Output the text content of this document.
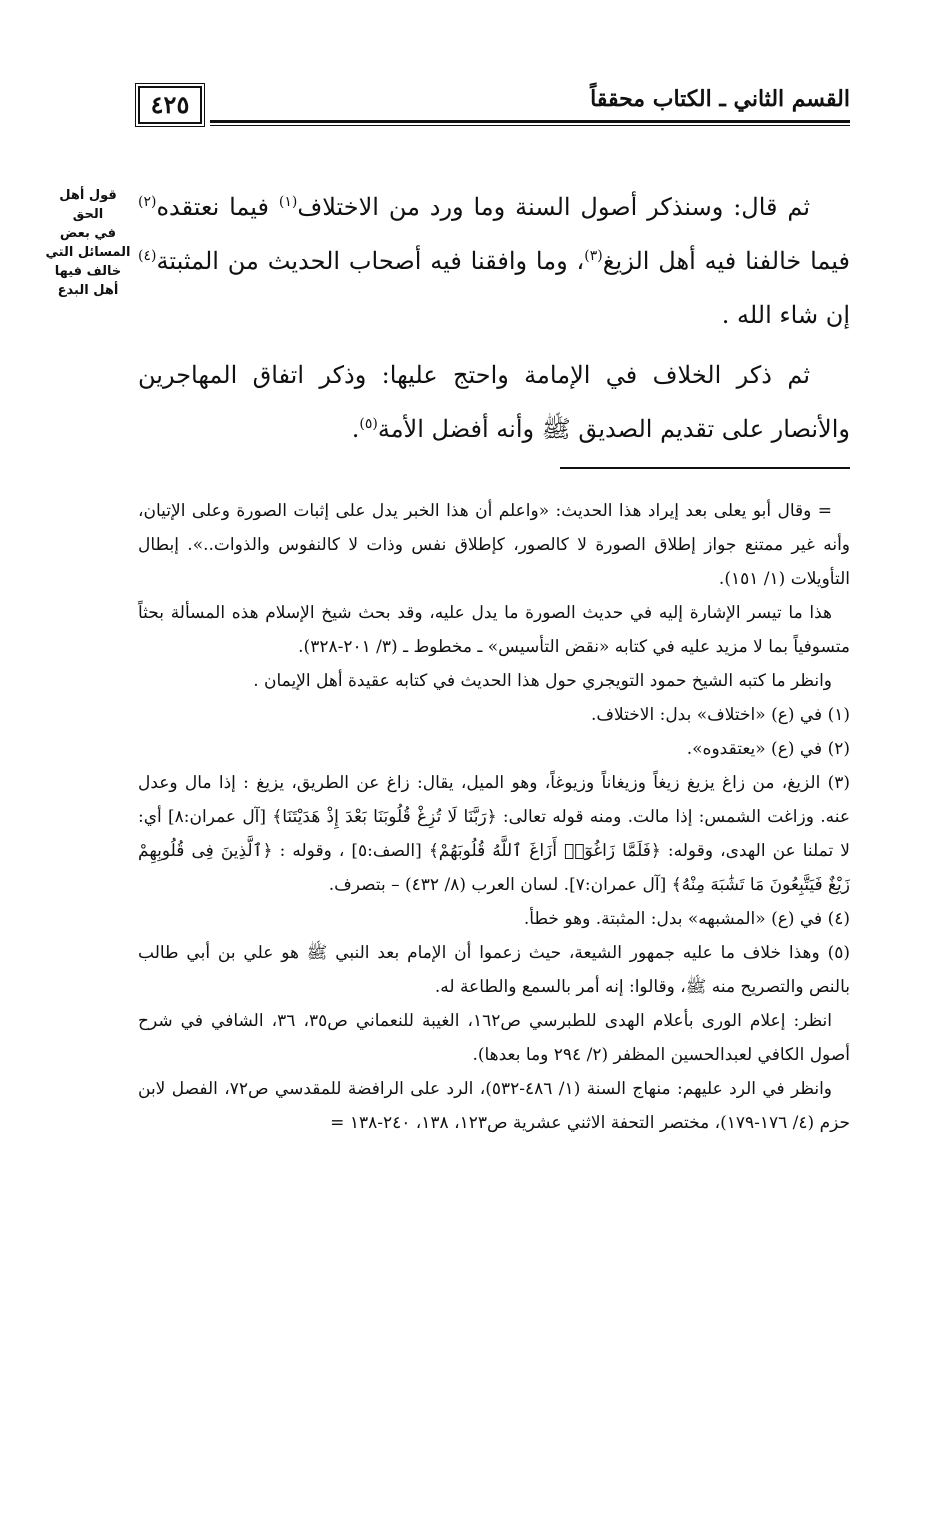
القسم الثاني ـ الكتاب محققاً
٤٢٥
قول أهل الحق
في بعض
المسائل التي
خالف فيها
أهل البدع

ثم قال: وسنذكر أصول السنة وما ورد من الاختلاف$^{(١)}$ فيما نعتقده$^{(٢)}$ فيما خالفنا فيه أهل الزيغ$^{(٣)}$، وما وافقنا فيه أصحاب الحديث من المثبتة$^{(٤)}$ إن شاء الله .

ثم ذكر الخلاف في الإمامة واحتج عليها: وذكر اتفاق المهاجرين والأنصار على تقديم الصديق ﷺ وأنه أفضل الأمة$^{(٥)}$.

= وقال أبو يعلى بعد إيراد هذا الحديث: «واعلم أن هذا الخبر يدل على إثبات الصورة وعلى الإتيان، وأنه غير ممتنع جواز إطلاق الصورة لا كالصور، كإطلاق نفس وذات لا كالنفوس والذوات..». إبطال التأويلات (١/ ١٥١).

هذا ما تيسر الإشارة إليه في حديث الصورة ما يدل عليه، وقد بحث شيخ الإسلام هذه المسألة بحثاً متسوفياً بما لا مزيد عليه في كتابه «نقض التأسيس» ـ مخطوط ـ (٣/ ٢٠١-٣٢٨).

وانظر ما كتبه الشيخ حمود التويجري حول هذا الحديث في كتابه عقيدة أهل الإيمان .

(١) في (ع) «اختلاف» بدل: الاختلاف.

(٢) في (ع) «يعتقدوه».

(٣) الزيغ، من زاغ يزيغ زيغاً وزيغاناً وزيوغاً، وهو الميل، يقال: زاغ عن الطريق، يزيغ : إذا مال وعدل عنه. وزاغت الشمس: إذا مالت. ومنه قوله تعالى: ﴿رَبَّنَا لَا تُزِغْ قُلُوبَنَا بَعْدَ إِذْ هَدَيْتَنَا﴾ [آل عمران:٨] أي: لا تملنا عن الهدى، وقوله: ﴿فَلَمَّا زَاغُوٓا۟ أَزَاغَ ٱللَّهُ قُلُوبَهُمْ﴾ [الصف:٥] ، وقوله : ﴿ٱلَّذِينَ فِى قُلُوبِهِمْ زَيْغٌ فَيَتَّبِعُونَ مَا تَشَٰبَهَ مِنْهُ﴾ [آل عمران:٧]. لسان العرب (٨/ ٤٣٢) – بتصرف.

(٤) في (ع) «المشبهه» بدل: المثبتة. وهو خطأ.

(٥) وهذا خلاف ما عليه جمهور الشيعة، حيث زعموا أن الإمام بعد النبي ﷺ هو علي بن أبي طالب بالنص والتصريح منه ﷺ، وقالوا: إنه أمر بالسمع والطاعة له.

انظر: إعلام الورى بأعلام الهدى للطبرسي ص١٦٢، الغيبة للنعماني ص٣٥، ٣٦، الشافي في شرح أصول الكافي لعبدالحسين المظفر (٢/ ٢٩٤ وما بعدها).

وانظر في الرد عليهم: منهاج السنة (١/ ٤٨٦-٥٣٢)، الرد على الرافضة للمقدسي ص٧٢، الفصل لابن حزم (٤/ ١٧٦-١٧٩)، مختصر التحفة الاثني عشرية ص١٢٣، ١٣٨، ٢٤٠-١٣٨ =
